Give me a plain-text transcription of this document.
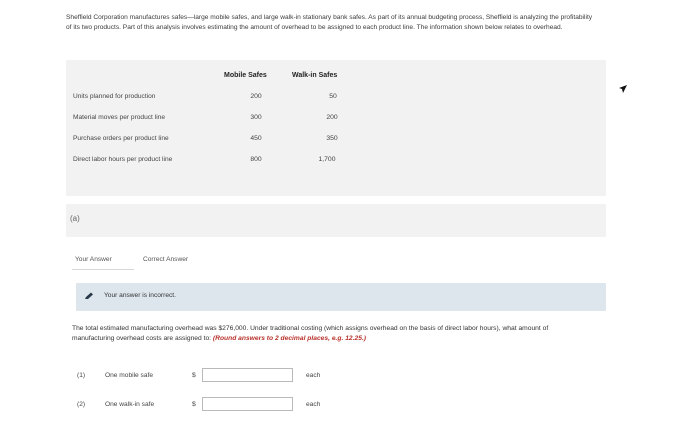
Sheffield Corporation manufactures safes—large mobile safes, and large walk-in stationary bank safes. As part of its annual budgeting process, Sheffield is analyzing the profitability of its two products. Part of this analysis involves estimating the amount of overhead to be assigned to each product line. The information shown below relates to overhead.
Mobile Safes	Walk-in Safes
Units planned for production	200	50
Material moves per product line	300	200
Purchase orders per product line	450	350
Direct labor hours per product line	800	1,700
(a)
Your Answer	Correct Answer
Your answer is incorrect.
The total estimated manufacturing overhead was $276,000. Under traditional costing (which assigns overhead on the basis of direct labor hours), what amount of manufacturing overhead costs are assigned to: (Round answers to 2 decimal places, e.g. 12.25.)
(1)	One mobile safe	$	each
(2)	One walk-in safe	$	each
